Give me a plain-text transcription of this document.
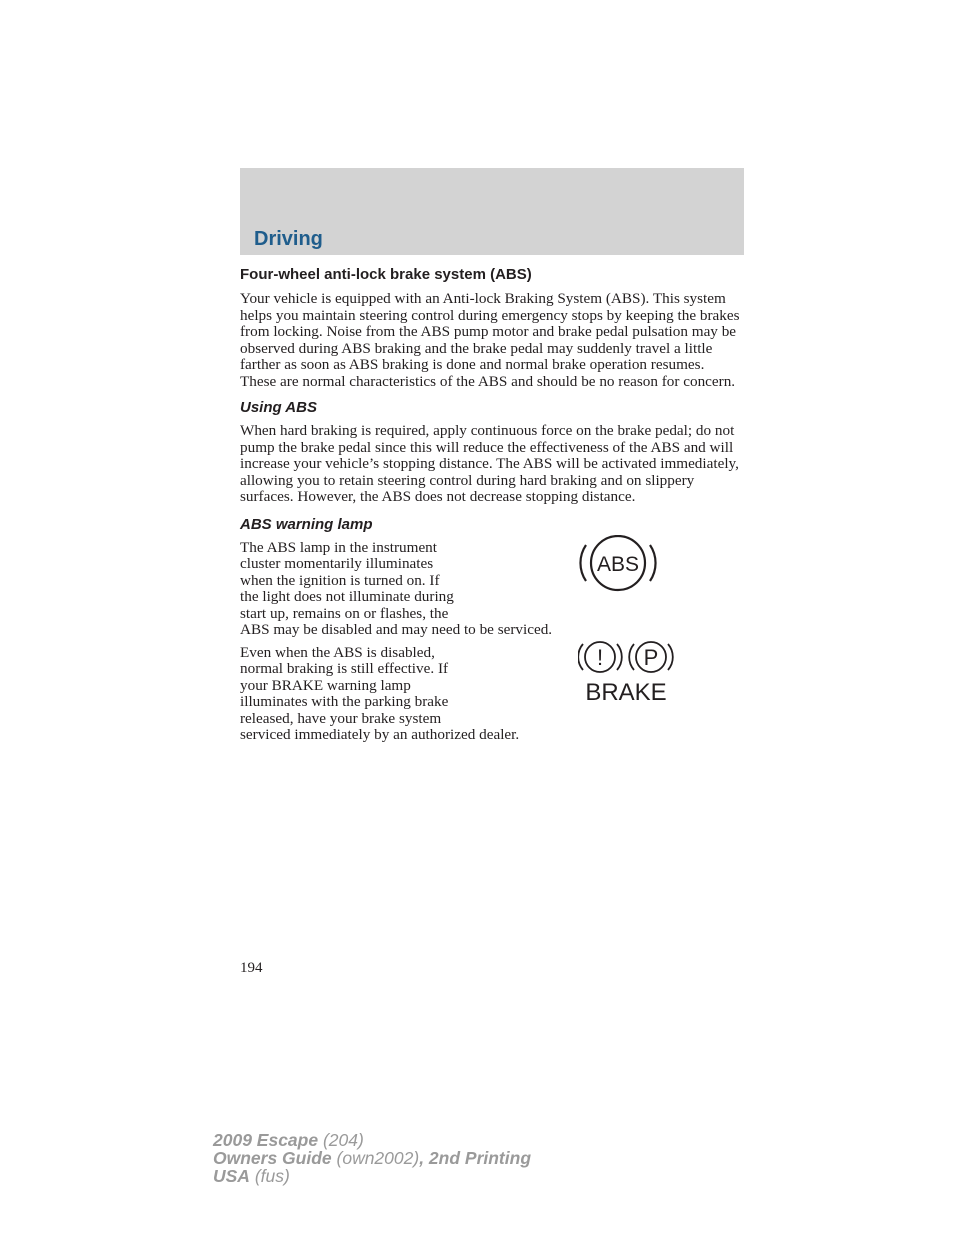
Driving
Four-wheel anti-lock brake system (ABS)

Your vehicle is equipped with an Anti-lock Braking System (ABS). This system helps you maintain steering control during emergency stops by keeping the brakes from locking. Noise from the ABS pump motor and brake pedal pulsation may be observed during ABS braking and the brake pedal may suddenly travel a little farther as soon as ABS braking is done and normal brake operation resumes. These are normal characteristics of the ABS and should be no reason for concern.

Using ABS

When hard braking is required, apply continuous force on the brake pedal; do not pump the brake pedal since this will reduce the effectiveness of the ABS and will increase your vehicle’s stopping distance. The ABS will be activated immediately, allowing you to retain steering control during hard braking and on slippery surfaces. However, the ABS does not decrease stopping distance.

ABS warning lamp
The ABS lamp in the instrument
cluster momentarily illuminates
when the ignition is turned on. If
the light does not illuminate during
start up, remains on or flashes, the
ABS may be disabled and may need to be serviced.
ABS
Even when the ABS is disabled,
normal braking is still effective. If
your BRAKE warning lamp
illuminates with the parking brake
released, have your brake system
serviced immediately by an authorized dealer.
! P
BRAKE
194
2009 Escape (204)
Owners Guide (own2002), 2nd Printing
USA (fus)
